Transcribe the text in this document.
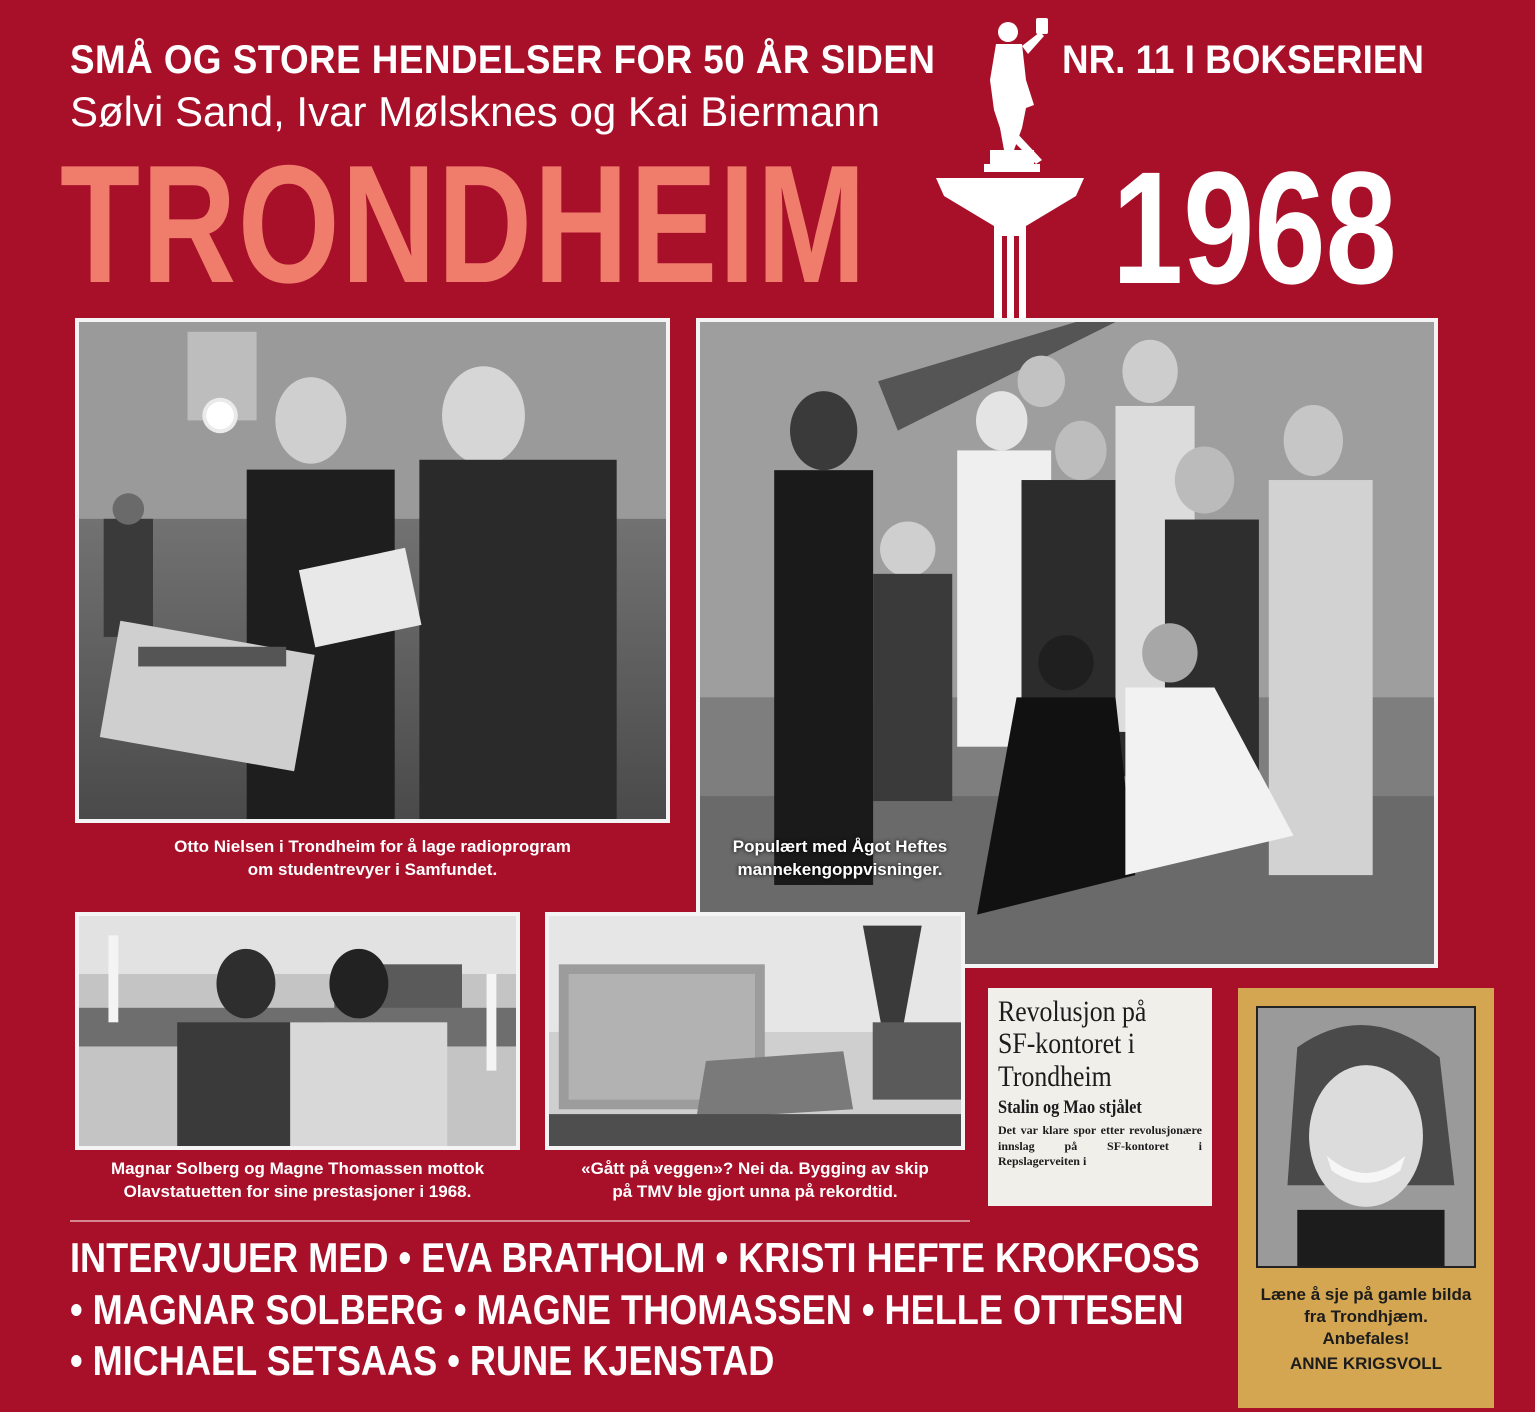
SMÅ OG STORE HENDELSER FOR 50 ÅR SIDEN	NR. 11 I BOKSERIEN
Sølvi Sand, Ivar Mølsknes og Kai Biermann
TRONDHEIM 1968
Otto Nielsen i Trondheim for å lage radioprogram
om studentrevyer i Samfundet.
Populært med Ågot Heftes
mannekengoppvisninger.
Magnar Solberg og Magne Thomassen mottok
Olavstatuetten for sine prestasjoner i 1968.
«Gått på veggen»? Nei da. Bygging av skip
på TMV ble gjort unna på rekordtid.
Revolusjon på
SF-kontoret i
Trondheim
Stalin og Mao stjålet
Det var klare spor etter revolusjonære innslag på SF-kontoret i Repslagerveiten i
INTERVJUER MED • EVA BRATHOLM • KRISTI HEFTE KROKFOSS
• MAGNAR SOLBERG • MAGNE THOMASSEN • HELLE OTTESEN
• MICHAEL SETSAAS • RUNE KJENSTAD
Læne å sje på gamle bilda
fra Trondhjæm.
Anbefales!
ANNE KRIGSVOLL
